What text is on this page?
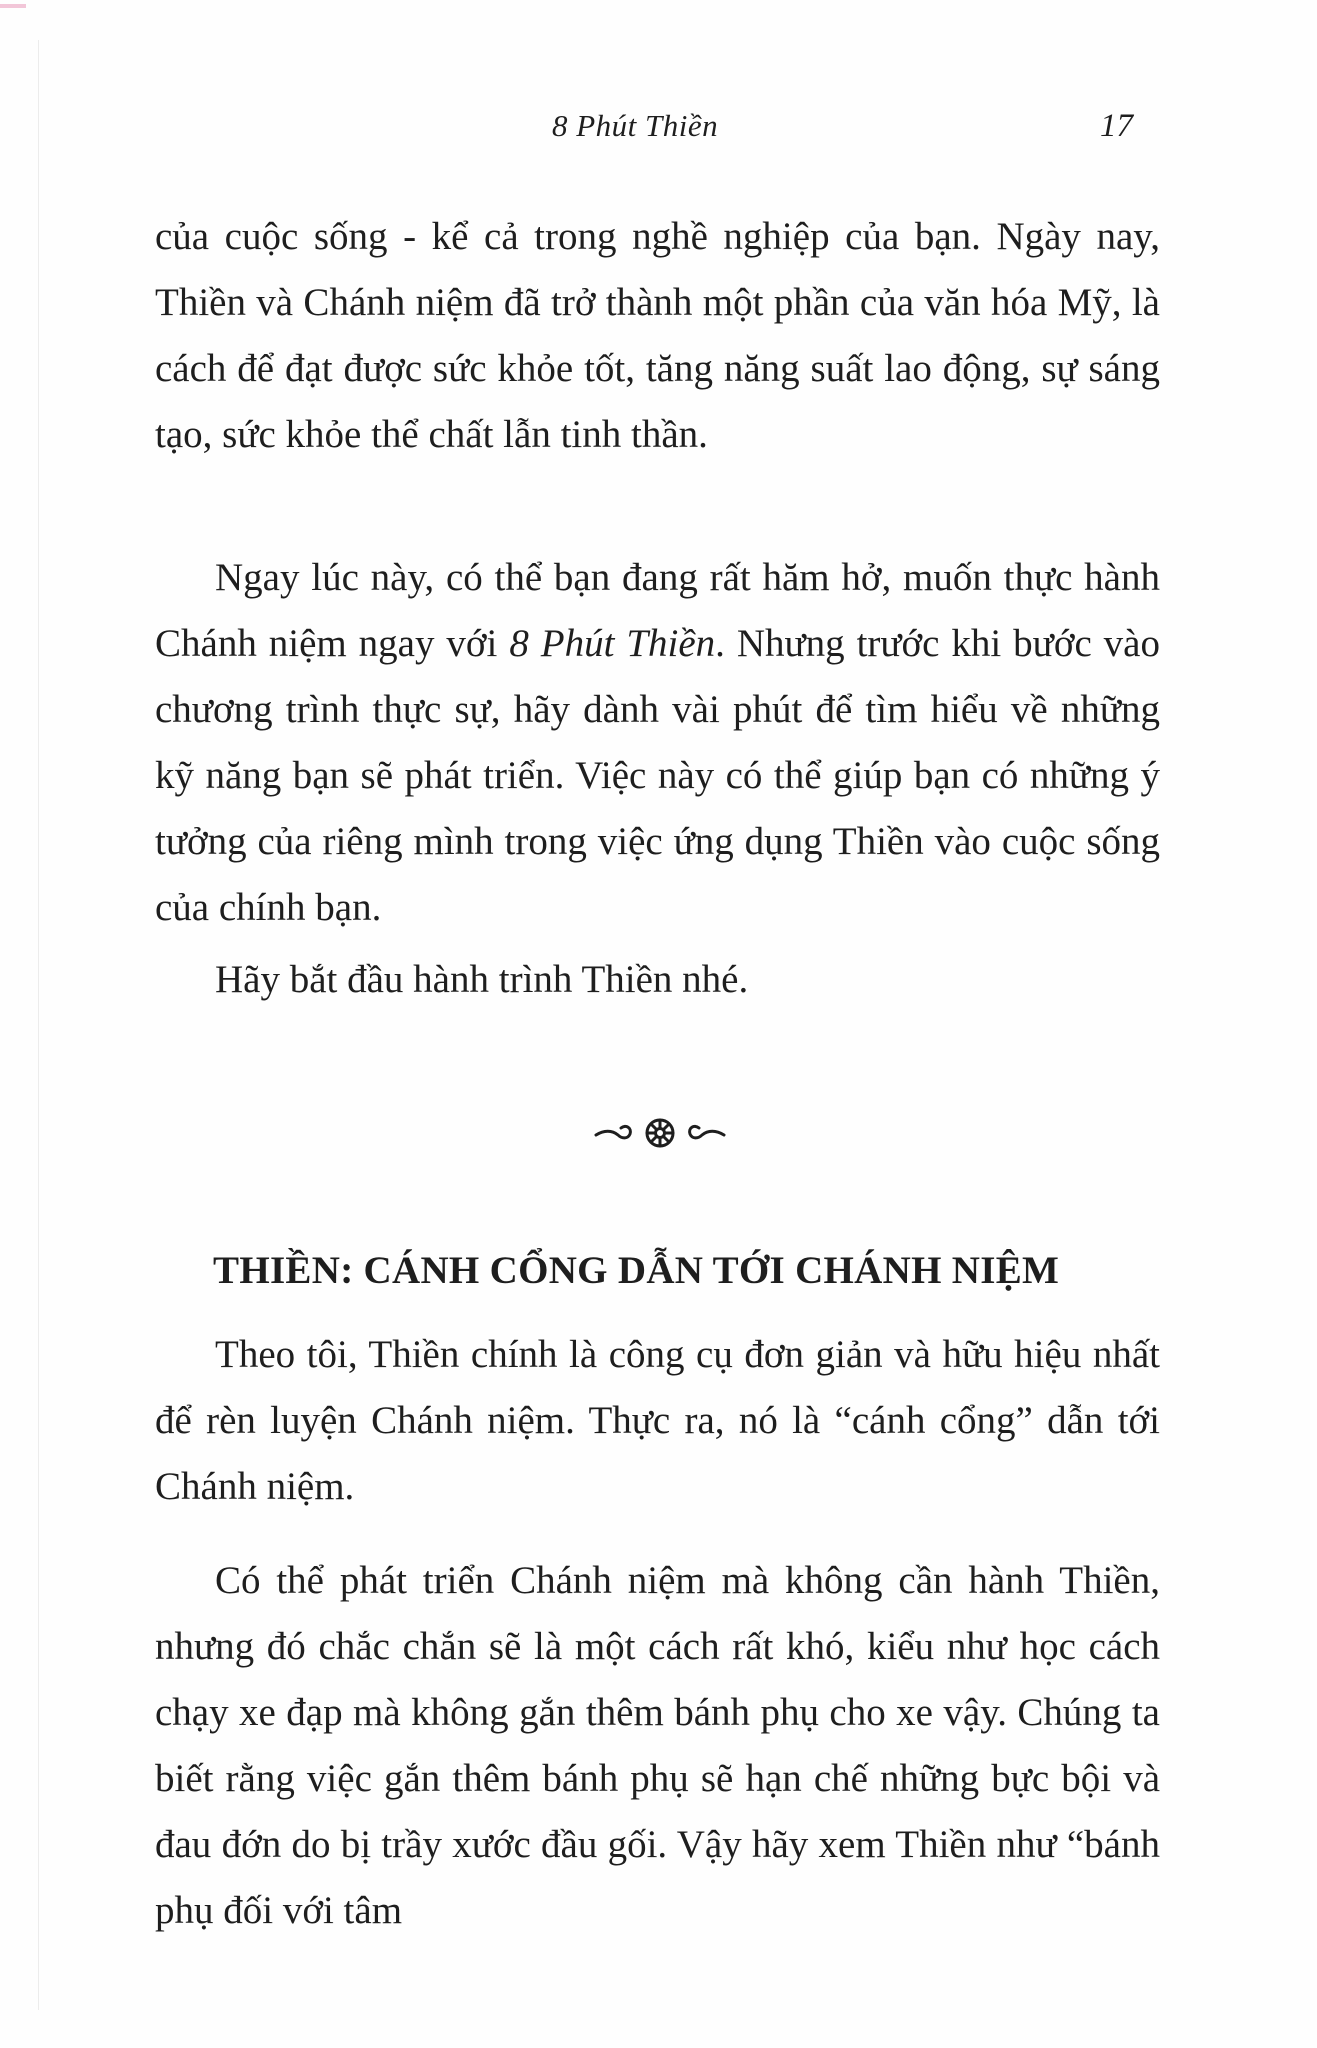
8 Phút Thiền	17

của cuộc sống - kể cả trong nghề nghiệp của bạn. Ngày nay, Thiền và Chánh niệm đã trở thành một phần của văn hóa Mỹ, là cách để đạt được sức khỏe tốt, tăng năng suất lao động, sự sáng tạo, sức khỏe thể chất lẫn tinh thần.

Ngay lúc này, có thể bạn đang rất hăm hở, muốn thực hành Chánh niệm ngay với 8 Phút Thiền. Nhưng trước khi bước vào chương trình thực sự, hãy dành vài phút để tìm hiểu về những kỹ năng bạn sẽ phát triển. Việc này có thể giúp bạn có những ý tưởng của riêng mình trong việc ứng dụng Thiền vào cuộc sống của chính bạn.

Hãy bắt đầu hành trình Thiền nhé.

THIỀN: CÁNH CỔNG DẪN TỚI CHÁNH NIỆM

Theo tôi, Thiền chính là công cụ đơn giản và hữu hiệu nhất để rèn luyện Chánh niệm. Thực ra, nó là “cánh cổng” dẫn tới Chánh niệm.

Có thể phát triển Chánh niệm mà không cần hành Thiền, nhưng đó chắc chắn sẽ là một cách rất khó, kiểu như học cách chạy xe đạp mà không gắn thêm bánh phụ cho xe vậy. Chúng ta biết rằng việc gắn thêm bánh phụ sẽ hạn chế những bực bội và đau đớn do bị trầy xước đầu gối. Vậy hãy xem Thiền như “bánh phụ đối với tâm
